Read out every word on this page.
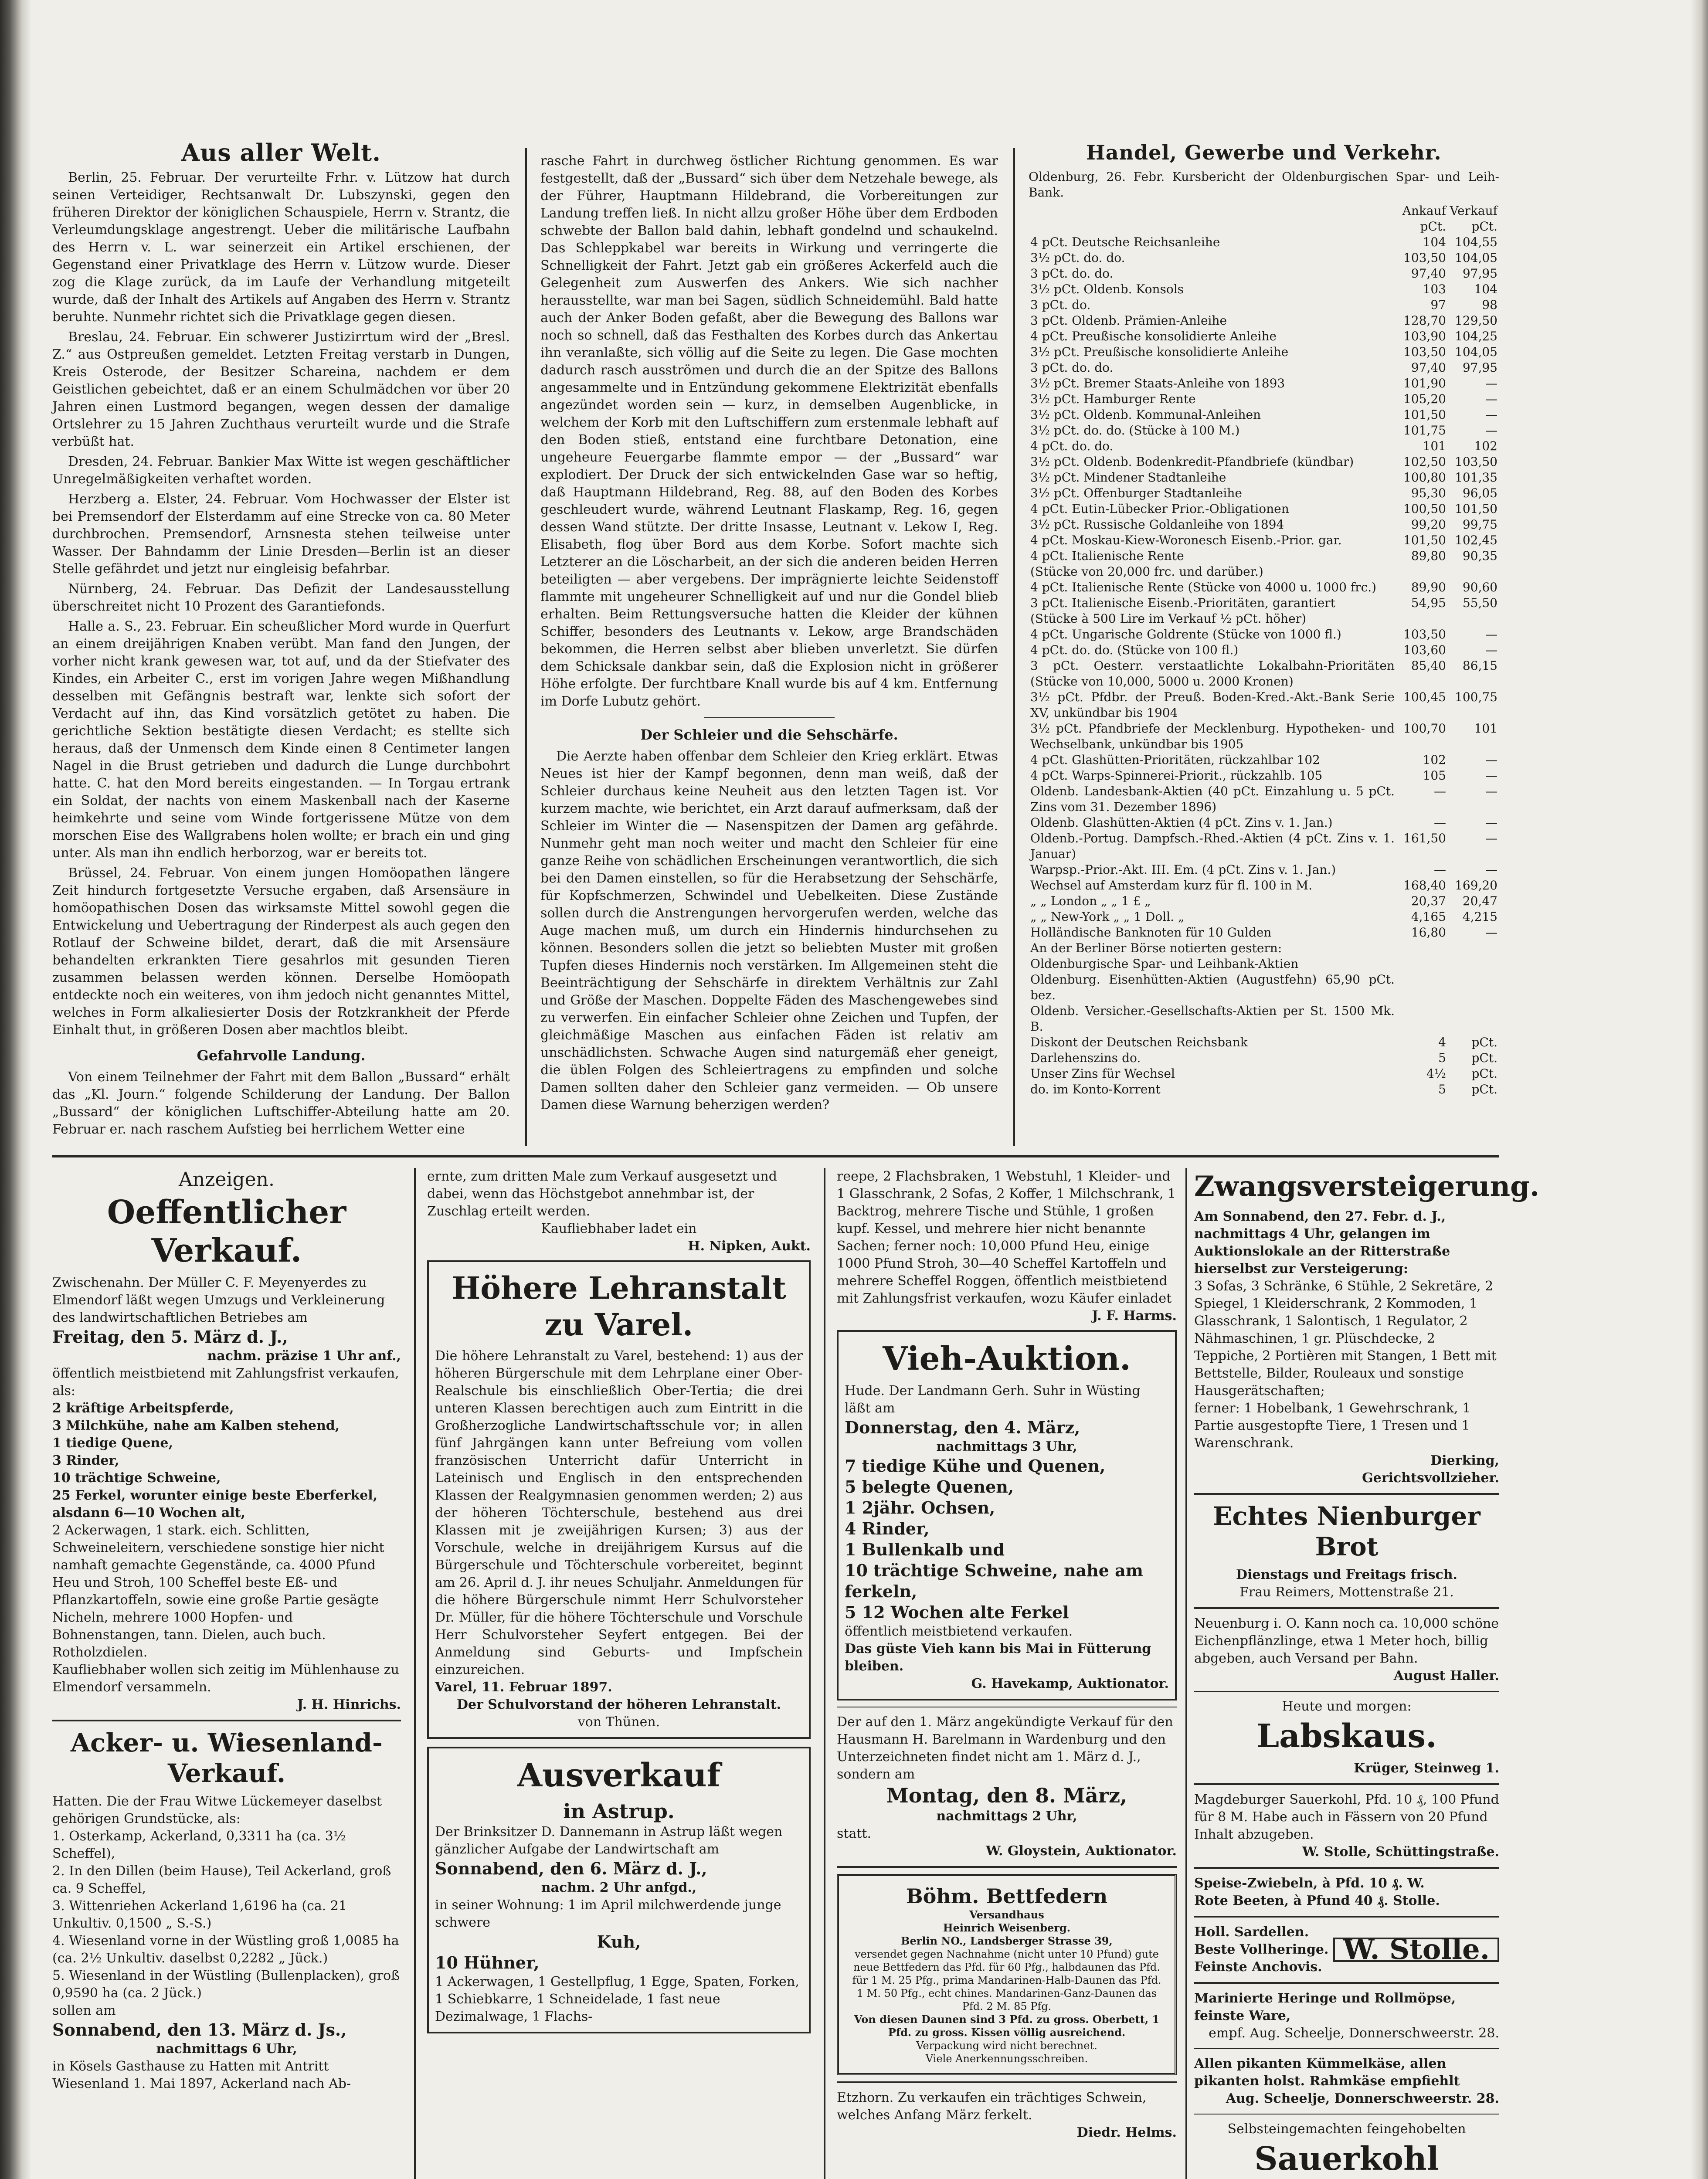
Aus aller Welt.

Berlin, 25. Februar. Der verurteilte Frhr. v. Lützow hat durch seinen Verteidiger, Rechtsanwalt Dr. Lubszynski, gegen den früheren Direktor der königlichen Schauspiele, Herrn v. Strantz, die Verleumdungsklage angestrengt. Ueber die militärische Laufbahn des Herrn v. L. war seinerzeit ein Artikel erschienen, der Gegenstand einer Privatklage des Herrn v. Lützow wurde. Dieser zog die Klage zurück, da im Laufe der Verhandlung mitgeteilt wurde, daß der Inhalt des Artikels auf Angaben des Herrn v. Strantz beruhte. Nunmehr richtet sich die Privatklage gegen diesen.

Breslau, 24. Februar. Ein schwerer Justizirrtum wird der „Bresl. Z.“ aus Ostpreußen gemeldet. Letzten Freitag verstarb in Dungen, Kreis Osterode, der Besitzer Schareina, nachdem er dem Geistlichen gebeichtet, daß er an einem Schulmädchen vor über 20 Jahren einen Lustmord begangen, wegen dessen der damalige Ortslehrer zu 15 Jahren Zuchthaus verurteilt wurde und die Strafe verbüßt hat.

Dresden, 24. Februar. Bankier Max Witte ist wegen geschäftlicher Unregelmäßigkeiten verhaftet worden.

Herzberg a. Elster, 24. Februar. Vom Hochwasser der Elster ist bei Premsendorf der Elsterdamm auf eine Strecke von ca. 80 Meter durchbrochen. Premsendorf, Arnsnesta stehen teilweise unter Wasser. Der Bahndamm der Linie Dresden—Berlin ist an dieser Stelle gefährdet und jetzt nur eingleisig befahrbar.

Nürnberg, 24. Februar. Das Defizit der Landesausstellung überschreitet nicht 10 Prozent des Garantiefonds.

Halle a. S., 23. Februar. Ein scheußlicher Mord wurde in Querfurt an einem dreijährigen Knaben verübt. Man fand den Jungen, der vorher nicht krank gewesen war, tot auf, und da der Stiefvater des Kindes, ein Arbeiter C., erst im vorigen Jahre wegen Mißhandlung desselben mit Gefängnis bestraft war, lenkte sich sofort der Verdacht auf ihn, das Kind vorsätzlich getötet zu haben. Die gerichtliche Sektion bestätigte diesen Verdacht; es stellte sich heraus, daß der Unmensch dem Kinde einen 8 Centimeter langen Nagel in die Brust getrieben und dadurch die Lunge durchbohrt hatte. C. hat den Mord bereits eingestanden. — In Torgau ertrank ein Soldat, der nachts von einem Maskenball nach der Kaserne heimkehrte und seine vom Winde fortgerissene Mütze von dem morschen Eise des Wallgrabens holen wollte; er brach ein und ging unter. Als man ihn endlich herborzog, war er bereits tot.

Brüssel, 24. Februar. Von einem jungen Homöopathen längere Zeit hindurch fortgesetzte Versuche ergaben, daß Arsensäure in homöopathischen Dosen das wirksamste Mittel sowohl gegen die Entwickelung und Uebertragung der Rinderpest als auch gegen den Rotlauf der Schweine bildet, derart, daß die mit Arsensäure behandelten erkrankten Tiere gesahrlos mit gesunden Tieren zusammen belassen werden können. Derselbe Homöopath entdeckte noch ein weiteres, von ihm jedoch nicht genanntes Mittel, welches in Form alkaliesierter Dosis der Rotzkrankheit der Pferde Einhalt thut, in größeren Dosen aber machtlos bleibt.

Gefahrvolle Landung.

Von einem Teilnehmer der Fahrt mit dem Ballon „Bussard“ erhält das „Kl. Journ.“ folgende Schilderung der Landung. Der Ballon „Bussard“ der königlichen Luftschiffer-Abteilung hatte am 20. Februar er. nach raschem Aufstieg bei herrlichem Wetter eine

rasche Fahrt in durchweg östlicher Richtung genommen. Es war festgestellt, daß der „Bussard“ sich über dem Netzehale bewege, als der Führer, Hauptmann Hildebrand, die Vorbereitungen zur Landung treffen ließ. In nicht allzu großer Höhe über dem Erdboden schwebte der Ballon bald dahin, lebhaft gondelnd und schaukelnd. Das Schleppkabel war bereits in Wirkung und verringerte die Schnelligkeit der Fahrt. Jetzt gab ein größeres Ackerfeld auch die Gelegenheit zum Auswerfen des Ankers. Wie sich nachher herausstellte, war man bei Sagen, südlich Schneidemühl. Bald hatte auch der Anker Boden gefaßt, aber die Bewegung des Ballons war noch so schnell, daß das Festhalten des Korbes durch das Ankertau ihn veranlaßte, sich völlig auf die Seite zu legen. Die Gase mochten dadurch rasch ausströmen und durch die an der Spitze des Ballons angesammelte und in Entzündung gekommene Elektrizität ebenfalls angezündet worden sein — kurz, in demselben Augenblicke, in welchem der Korb mit den Luftschiffern zum erstenmale lebhaft auf den Boden stieß, entstand eine furchtbare Detonation, eine ungeheure Feuergarbe flammte empor — der „Bussard“ war explodiert. Der Druck der sich entwickelnden Gase war so heftig, daß Hauptmann Hildebrand, Reg. 88, auf den Boden des Korbes geschleudert wurde, während Leutnant Flaskamp, Reg. 16, gegen dessen Wand stützte. Der dritte Insasse, Leutnant v. Lekow I, Reg. Elisabeth, flog über Bord aus dem Korbe. Sofort machte sich Letzterer an die Löscharbeit, an der sich die anderen beiden Herren beteiligten — aber vergebens. Der imprägnierte leichte Seidenstoff flammte mit ungeheurer Schnelligkeit auf und nur die Gondel blieb erhalten. Beim Rettungsversuche hatten die Kleider der kühnen Schiffer, besonders des Leutnants v. Lekow, arge Brandschäden bekommen, die Herren selbst aber blieben unverletzt. Sie dürfen dem Schicksale dankbar sein, daß die Explosion nicht in größerer Höhe erfolgte. Der furchtbare Knall wurde bis auf 4 km. Entfernung im Dorfe Lubutz gehört.

Der Schleier und die Sehschärfe.

Die Aerzte haben offenbar dem Schleier den Krieg erklärt. Etwas Neues ist hier der Kampf begonnen, denn man weiß, daß der Schleier durchaus keine Neuheit aus den letzten Tagen ist. Vor kurzem machte, wie berichtet, ein Arzt darauf aufmerksam, daß der Schleier im Winter die — Nasenspitzen der Damen arg gefährde. Nunmehr geht man noch weiter und macht den Schleier für eine ganze Reihe von schädlichen Erscheinungen verantwortlich, die sich bei den Damen einstellen, so für die Herabsetzung der Sehschärfe, für Kopfschmerzen, Schwindel und Uebelkeiten. Diese Zustände sollen durch die Anstrengungen hervorgerufen werden, welche das Auge machen muß, um durch ein Hindernis hindurchsehen zu können. Besonders sollen die jetzt so beliebten Muster mit großen Tupfen dieses Hindernis noch verstärken. Im Allgemeinen steht die Beeinträchtigung der Sehschärfe in direktem Verhältnis zur Zahl und Größe der Maschen. Doppelte Fäden des Maschengewebes sind zu verwerfen. Ein einfacher Schleier ohne Zeichen und Tupfen, der gleichmäßige Maschen aus einfachen Fäden ist relativ am unschädlichsten. Schwache Augen sind naturgemäß eher geneigt, die üblen Folgen des Schleiertragens zu empfinden und solche Damen sollten daher den Schleier ganz vermeiden. — Ob unsere Damen diese Warnung beherzigen werden?

Handel, Gewerbe und Verkehr.

Oldenburg, 26. Febr. Kursbericht der Oldenburgischen Spar- und Leih-Bank.

	Ankauf	Verkauf
	pCt.	pCt.
4 pCt. Deutsche Reichsanleihe	104	104,55
3½ pCt. do. do.	103,50	104,05
3 pCt. do. do.	97,40	97,95
3½ pCt. Oldenb. Konsols	103	104
3 pCt. do.	97	98
3 pCt. Oldenb. Prämien-Anleihe	128,70	129,50
4 pCt. Preußische konsolidierte Anleihe	103,90	104,25
3½ pCt. Preußische konsolidierte Anleihe	103,50	104,05
3 pCt. do. do.	97,40	97,95
3½ pCt. Bremer Staats-Anleihe von 1893	101,90	—
3½ pCt. Hamburger Rente	105,20	—
3½ pCt. Oldenb. Kommunal-Anleihen	101,50	—
3½ pCt. do. do. (Stücke à 100 M.)	101,75	—
4 pCt. do. do.	101	102
3½ pCt. Oldenb. Bodenkredit-Pfandbriefe (kündbar)	102,50	103,50
3½ pCt. Mindener Stadtanleihe	100,80	101,35
3½ pCt. Offenburger Stadtanleihe	95,30	96,05
4 pCt. Eutin-Lübecker Prior.-Obligationen	100,50	101,50
3½ pCt. Russische Goldanleihe von 1894	99,20	99,75
4 pCt. Moskau-Kiew-Woronesch Eisenb.-Prior. gar.	101,50	102,45
4 pCt. Italienische Rente	89,80	90,35
(Stücke von 20,000 frc. und darüber.)		
4 pCt. Italienische Rente (Stücke von 4000 u. 1000 frc.)	89,90	90,60
3 pCt. Italienische Eisenb.-Prioritäten, garantiert	54,95	55,50
(Stücke à 500 Lire im Verkauf ½ pCt. höher)		
4 pCt. Ungarische Goldrente (Stücke von 1000 fl.)	103,50	—
4 pCt. do. do. (Stücke von 100 fl.)	103,60	—
3 pCt. Oesterr. verstaatlichte Lokalbahn-Prioritäten (Stücke von 10,000, 5000 u. 2000 Kronen)	85,40	86,15
3½ pCt. Pfdbr. der Preuß. Boden-Kred.-Akt.-Bank Serie XV, unkündbar bis 1904	100,45	100,75
3½ pCt. Pfandbriefe der Mecklenburg. Hypotheken- und Wechselbank, unkündbar bis 1905	100,70	101
4 pCt. Glashütten-Prioritäten, rückzahlbar 102	102	—
4 pCt. Warps-Spinnerei-Priorit., rückzahlb. 105	105	—
Oldenb. Landesbank-Aktien (40 pCt. Einzahlung u. 5 pCt. Zins vom 31. Dezember 1896)	—	—
Oldenb. Glashütten-Aktien (4 pCt. Zins v. 1. Jan.)	—	—
Oldenb.-Portug. Dampfsch.-Rhed.-Aktien (4 pCt. Zins v. 1. Januar)	161,50	—
Warpsp.-Prior.-Akt. III. Em. (4 pCt. Zins v. 1. Jan.)	—	—
Wechsel auf Amsterdam kurz für fl. 100 in M.	168,40	169,20
„ „ London „ „ 1 £ „	20,37	20,47
„ „ New-York „ „ 1 Doll. „	4,165	4,215
Holländische Banknoten für 10 Gulden	16,80	—
An der Berliner Börse notierten gestern:		
Oldenburgische Spar- und Leihbank-Aktien		
Oldenburg. Eisenhütten-Aktien (Augustfehn) 65,90 pCt. bez.		
Oldenb. Versicher.-Gesellschafts-Aktien per St. 1500 Mk. B.		
Diskont der Deutschen Reichsbank	4	pCt.
Darlehenszins do.	5	pCt.
Unser Zins für Wechsel	4½	pCt.
do. im Konto-Korrent	5	pCt.
Anzeigen.
Oeffentlicher Verkauf.

Zwischenahn. Der Müller C. F. Meyenyerdes zu Elmendorf läßt wegen Umzugs und Verkleinerung des landwirtschaftlichen Betriebes am

Freitag, den 5. März d. J.,

nachm. präzise 1 Uhr anf.,

öffentlich meistbietend mit Zahlungsfrist verkaufen, als:

2 kräftige Arbeitspferde,

3 Milchkühe, nahe am Kalben stehend,

1 tiedige Quene,

3 Rinder,

10 trächtige Schweine,

25 Ferkel, worunter einige beste Eberferkel, alsdann 6—10 Wochen alt,

2 Ackerwagen, 1 stark. eich. Schlitten, Schweineleitern, verschiedene sonstige hier nicht namhaft gemachte Gegenstände, ca. 4000 Pfund Heu und Stroh, 100 Scheffel beste Eß- und Pflanzkartoffeln, sowie eine große Partie gesägte Nicheln, mehrere 1000 Hopfen- und Bohnenstangen, tann. Dielen, auch buch. Rotholzdielen.

Kaufliebhaber wollen sich zeitig im Mühlenhause zu Elmendorf versammeln.

J. H. Hinrichs.

Acker- u. Wiesenland-Verkauf.

Hatten. Die der Frau Witwe Lückemeyer daselbst gehörigen Grundstücke, als:

1. Osterkamp, Ackerland, 0,3311 ha (ca. 3½ Scheffel),

2. In den Dillen (beim Hause), Teil Ackerland, groß ca. 9 Scheffel,

3. Wittenriehen Ackerland 1,6196 ha (ca. 21 Unkultiv. 0,1500 „ S.-S.)

4. Wiesenland vorne in der Wüstling groß 1,0085 ha (ca. 2½ Unkultiv. daselbst 0,2282 „ Jück.)

5. Wiesenland in der Wüstling (Bullenplacken), groß 0,9590 ha (ca. 2 Jück.)

sollen am

Sonnabend, den 13. März d. Js.,

nachmittags 6 Uhr,

in Kösels Gasthause zu Hatten mit Antritt Wiesenland 1. Mai 1897, Ackerland nach Ab-

ernte, zum dritten Male zum Verkauf ausgesetzt und dabei, wenn das Höchstgebot annehmbar ist, der Zuschlag erteilt werden.

Kaufliebhaber ladet ein

H. Nipken, Aukt.

Höhere Lehranstalt zu Varel.

Die höhere Lehranstalt zu Varel, bestehend: 1) aus der höheren Bürgerschule mit dem Lehrplane einer Ober-Realschule bis einschließlich Ober-Tertia; die drei unteren Klassen berechtigen auch zum Eintritt in die Großherzogliche Landwirtschaftsschule vor; in allen fünf Jahrgängen kann unter Befreiung vom vollen französischen Unterricht dafür Unterricht in Lateinisch und Englisch in den entsprechenden Klassen der Realgymnasien genommen werden; 2) aus der höheren Töchterschule, bestehend aus drei Klassen mit je zweijährigen Kursen; 3) aus der Vorschule, welche in dreijährigem Kursus auf die Bürgerschule und Töchterschule vorbereitet, beginnt am 26. April d. J. ihr neues Schuljahr. Anmeldungen für die höhere Bürgerschule nimmt Herr Schulvorsteher Dr. Müller, für die höhere Töchterschule und Vorschule Herr Schulvorsteher Seyfert entgegen. Bei der Anmeldung sind Geburts- und Impfschein einzureichen.

Varel, 11. Februar 1897.

Der Schulvorstand der höheren Lehranstalt.

von Thünen.

Ausverkauf

in Astrup.

Der Brinksitzer D. Dannemann in Astrup läßt wegen gänzlicher Aufgabe der Landwirtschaft am

Sonnabend, den 6. März d. J.,

nachm. 2 Uhr anfgd.,

in seiner Wohnung: 1 im April milchwerdende junge schwere

Kuh,

10 Hühner,

1 Ackerwagen, 1 Gestellpflug, 1 Egge, Spaten, Forken, 1 Schiebkarre, 1 Schneidelade, 1 fast neue Dezimalwage, 1 Flachs-

reepe, 2 Flachsbraken, 1 Webstuhl, 1 Kleider- und 1 Glasschrank, 2 Sofas, 2 Koffer, 1 Milchschrank, 1 Backtrog, mehrere Tische und Stühle, 1 großen kupf. Kessel, und mehrere hier nicht benannte Sachen; ferner noch: 10,000 Pfund Heu, einige 1000 Pfund Stroh, 30—40 Scheffel Kartoffeln und mehrere Scheffel Roggen, öffentlich meistbietend mit Zahlungsfrist verkaufen, wozu Käufer einladet

J. F. Harms.

Vieh-Auktion.

Hude. Der Landmann Gerh. Suhr in Wüsting läßt am

Donnerstag, den 4. März,

nachmittags 3 Uhr,

7 tiedige Kühe und Quenen,

5 belegte Quenen,

1 2jähr. Ochsen,

4 Rinder,

1 Bullenkalb und

10 trächtige Schweine, nahe am ferkeln,

5 12 Wochen alte Ferkel

öffentlich meistbietend verkaufen.

Das güste Vieh kann bis Mai in Fütterung bleiben.

G. Havekamp, Auktionator.

Der auf den 1. März angekündigte Verkauf für den Hausmann H. Barelmann in Wardenburg und den Unterzeichneten findet nicht am 1. März d. J., sondern am

Montag, den 8. März,

nachmittags 2 Uhr,

statt.

W. Gloystein, Auktionator.

Böhm. Bettfedern
Versandhaus
Heinrich Weisenberg.
Berlin NO., Landsberger Strasse 39,
versendet gegen Nachnahme (nicht unter 10 Pfund) gute neue Bettfedern das Pfd. für 60 Pfg., halbdaunen das Pfd. für 1 M. 25 Pfg., prima Mandarinen-Halb-Daunen das Pfd. 1 M. 50 Pfg., echt chines. Mandarinen-Ganz-Daunen das Pfd. 2 M. 85 Pfg.
Von diesen Daunen sind 3 Pfd. zu gross. Oberbett, 1 Pfd. zu gross. Kissen völlig ausreichend.
Verpackung wird nicht berechnet.
Viele Anerkennungsschreiben.

Etzhorn. Zu verkaufen ein trächtiges Schwein, welches Anfang März ferkelt.

Diedr. Helms.

Zwangsversteigerung.

Am Sonnabend, den 27. Febr. d. J., nachmittags 4 Uhr, gelangen im Auktionslokale an der Ritterstraße hierselbst zur Versteigerung:

3 Sofas, 3 Schränke, 6 Stühle, 2 Sekretäre, 2 Spiegel, 1 Kleiderschrank, 2 Kommoden, 1 Glasschrank, 1 Salontisch, 1 Regulator, 2 Nähmaschinen, 1 gr. Plüschdecke, 2 Teppiche, 2 Portièren mit Stangen, 1 Bett mit Bettstelle, Bilder, Rouleaux und sonstige Hausgerätschaften;

ferner: 1 Hobelbank, 1 Gewehrschrank, 1 Partie ausgestopfte Tiere, 1 Tresen und 1 Warenschrank.

Dierking,

Gerichtsvollzieher.

Echtes Nienburger Brot

Dienstags und Freitags frisch.

Frau Reimers, Mottenstraße 21.

Neuenburg i. O. Kann noch ca. 10,000 schöne Eichenpflänzlinge, etwa 1 Meter hoch, billig abgeben, auch Versand per Bahn.

August Haller.

Heute und morgen:

Labskaus.

Krüger, Steinweg 1.

Magdeburger Sauerkohl, Pfd. 10 ₰, 100 Pfund für 8 M. Habe auch in Fässern von 20 Pfund Inhalt abzugeben.

W. Stolle, Schüttingstraße.

Speise-Zwiebeln, à Pfd. 10 ₰. W.

Rote Beeten, à Pfund 40 ₰. Stolle.

Holl. Sardellen.

Beste Vollheringe.

Feinste Anchovis.

W. Stolle.

Marinierte Heringe und Rollmöpse, feinste Ware,

empf. Aug. Scheelje, Donnerschweerstr. 28.

Allen pikanten Kümmelkäse, allen pikanten holst. Rahmkäse empfiehlt

Aug. Scheelje, Donnerschweerstr. 28.

Selbsteingemachten feingehobelten

Sauerkohl
